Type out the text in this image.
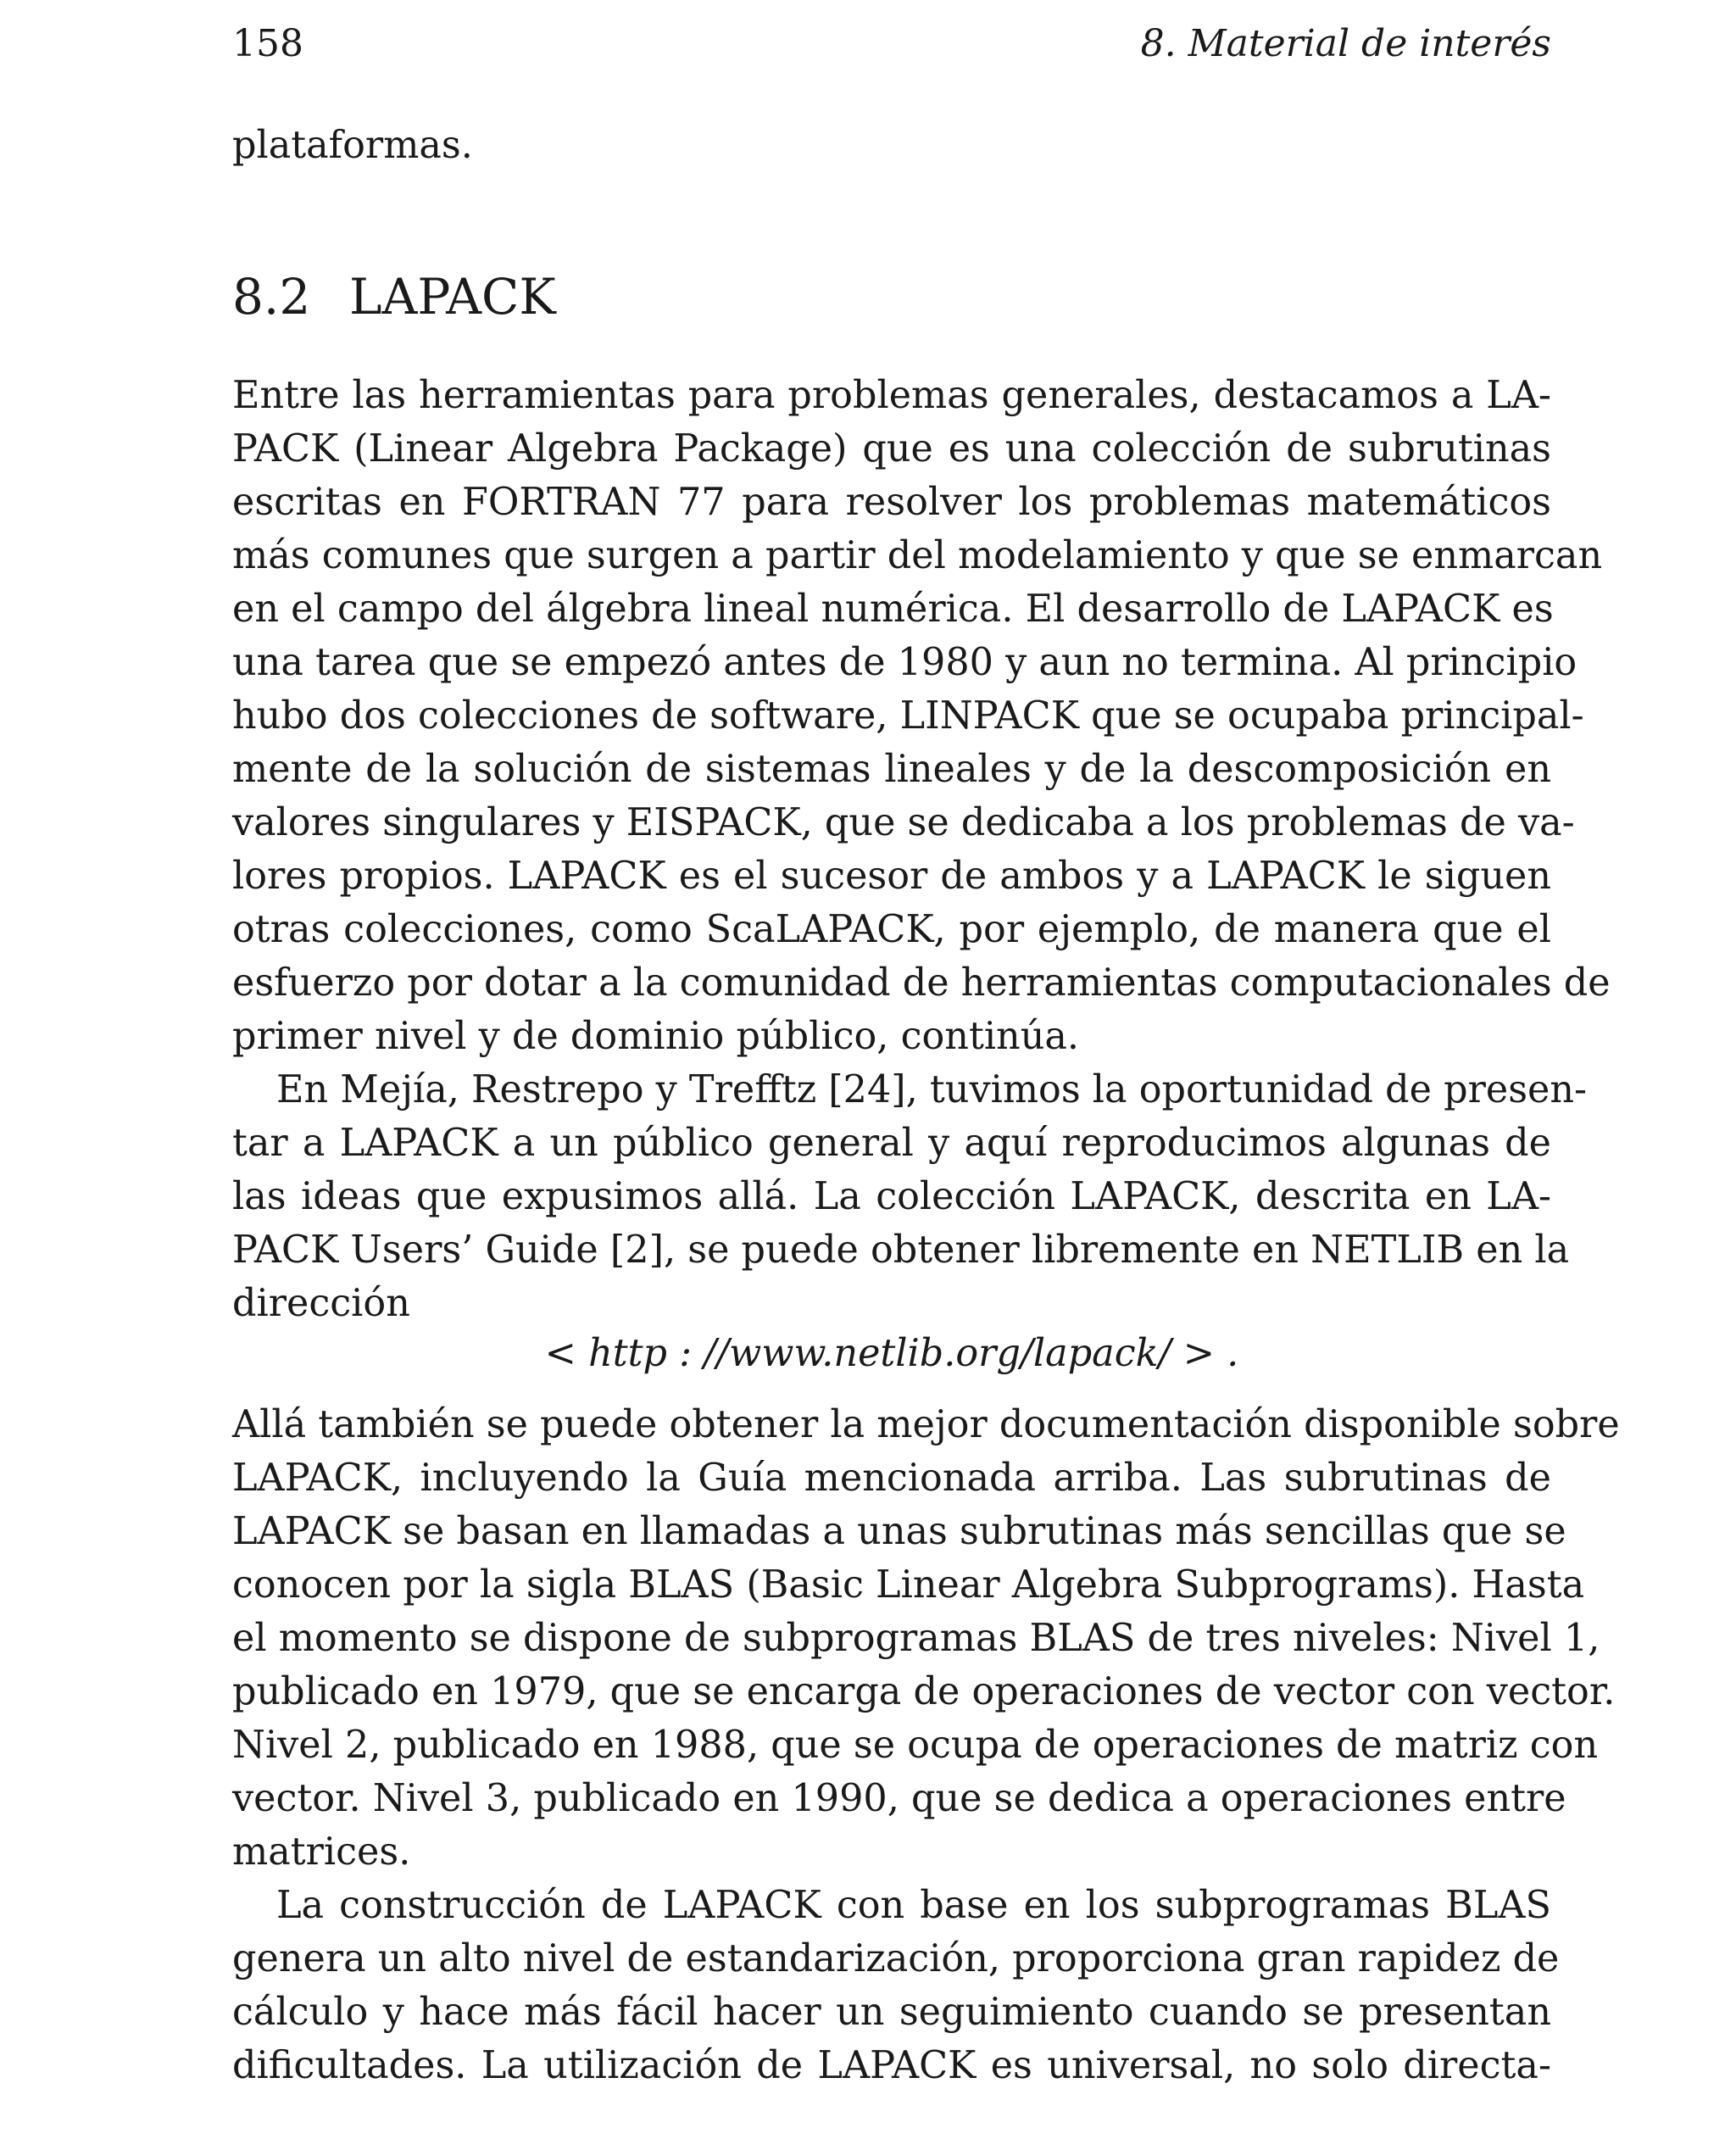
158	8. Material de interés
plataformas.
8.2 LAPACK
Entre las herramientas para problemas generales, destacamos a LA-
PACK (Linear Algebra Package) que es una colección de subrutinas
escritas en FORTRAN 77 para resolver los problemas matemáticos
más comunes que surgen a partir del modelamiento y que se enmarcan
en el campo del álgebra lineal numérica. El desarrollo de LAPACK es
una tarea que se empezó antes de 1980 y aun no termina. Al principio
hubo dos colecciones de software, LINPACK que se ocupaba principal-
mente de la solución de sistemas lineales y de la descomposición en
valores singulares y EISPACK, que se dedicaba a los problemas de va-
lores propios. LAPACK es el sucesor de ambos y a LAPACK le siguen
otras colecciones, como ScaLAPACK, por ejemplo, de manera que el
esfuerzo por dotar a la comunidad de herramientas computacionales de
primer nivel y de dominio público, continúa.
En Mejía, Restrepo y Trefftz [24], tuvimos la oportunidad de presen-
tar a LAPACK a un público general y aquí reproducimos algunas de
las ideas que expusimos allá. La colección LAPACK, descrita en LA-
PACK Users’ Guide [2], se puede obtener libremente en NETLIB en la
dirección
< http : //www.netlib.org/lapack/ > .
Allá también se puede obtener la mejor documentación disponible sobre
LAPACK, incluyendo la Guía mencionada arriba. Las subrutinas de
LAPACK se basan en llamadas a unas subrutinas más sencillas que se
conocen por la sigla BLAS (Basic Linear Algebra Subprograms). Hasta
el momento se dispone de subprogramas BLAS de tres niveles: Nivel 1,
publicado en 1979, que se encarga de operaciones de vector con vector.
Nivel 2, publicado en 1988, que se ocupa de operaciones de matriz con
vector. Nivel 3, publicado en 1990, que se dedica a operaciones entre
matrices.
La construcción de LAPACK con base en los subprogramas BLAS
genera un alto nivel de estandarización, proporciona gran rapidez de
cálculo y hace más fácil hacer un seguimiento cuando se presentan
dificultades. La utilización de LAPACK es universal, no solo directa-
